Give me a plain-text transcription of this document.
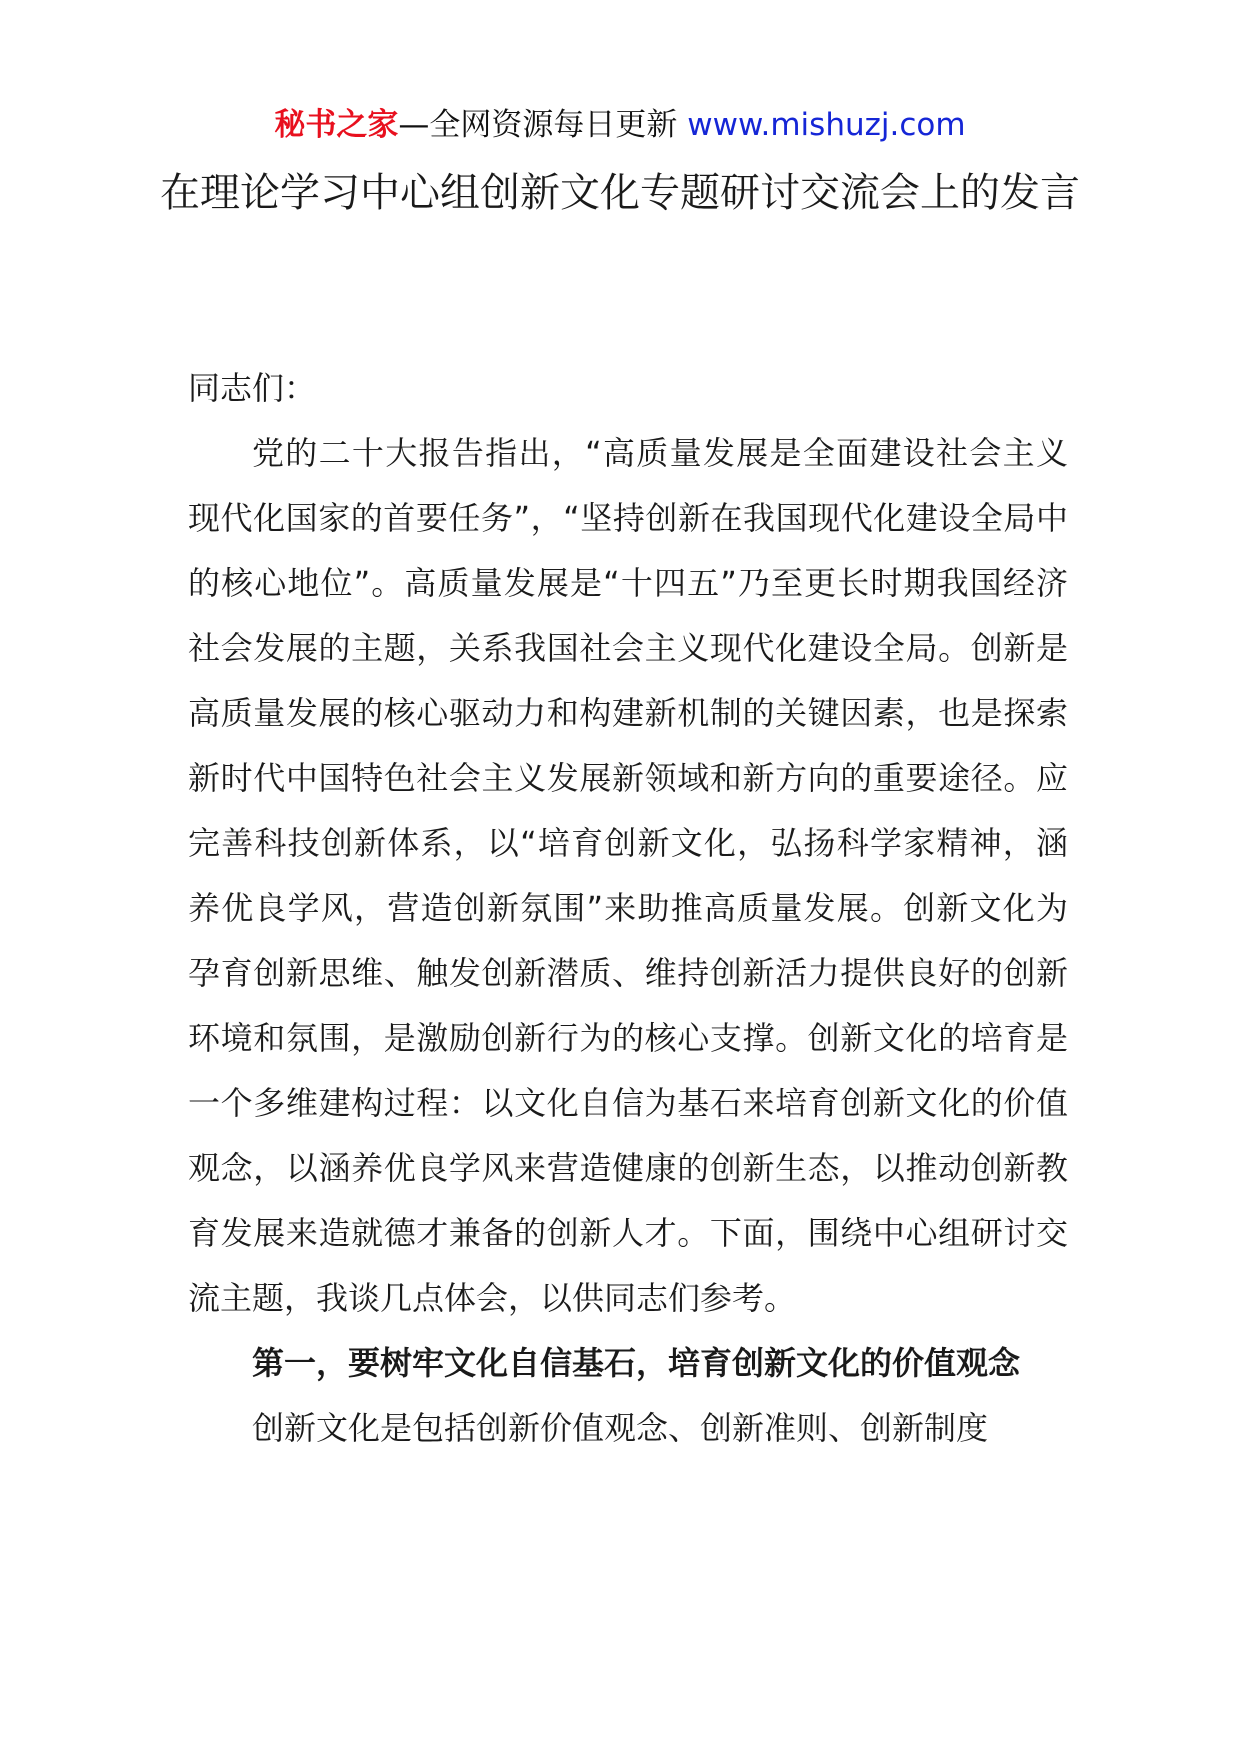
秘书之家—全网资源每日更新 www.mishuzj.com
在理论学习中心组创新文化专题研讨交流会上的发言

同志们：

党的二十大报告指出，“高质量发展是全面建设社会主义现代化国家的首要任务”，“坚持创新在我国现代化建设全局中的核心地位”。高质量发展是“十四五”乃至更长时期我国经济社会发展的主题，关系我国社会主义现代化建设全局。创新是高质量发展的核心驱动力和构建新机制的关键因素，也是探索新时代中国特色社会主义发展新领域和新方向的重要途径。应完善科技创新体系，以“培育创新文化，弘扬科学家精神，涵养优良学风，营造创新氛围”来助推高质量发展。创新文化为孕育创新思维、触发创新潜质、维持创新活力提供良好的创新环境和氛围，是激励创新行为的核心支撑。创新文化的培育是一个多维建构过程：以文化自信为基石来培育创新文化的价值观念，以涵养优良学风来营造健康的创新生态，以推动创新教育发展来造就德才兼备的创新人才。下面，围绕中心组研讨交流主题，我谈几点体会，以供同志们参考。

第一，要树牢文化自信基石，培育创新文化的价值观念

创新文化是包括创新价值观念、创新准则、创新制度
